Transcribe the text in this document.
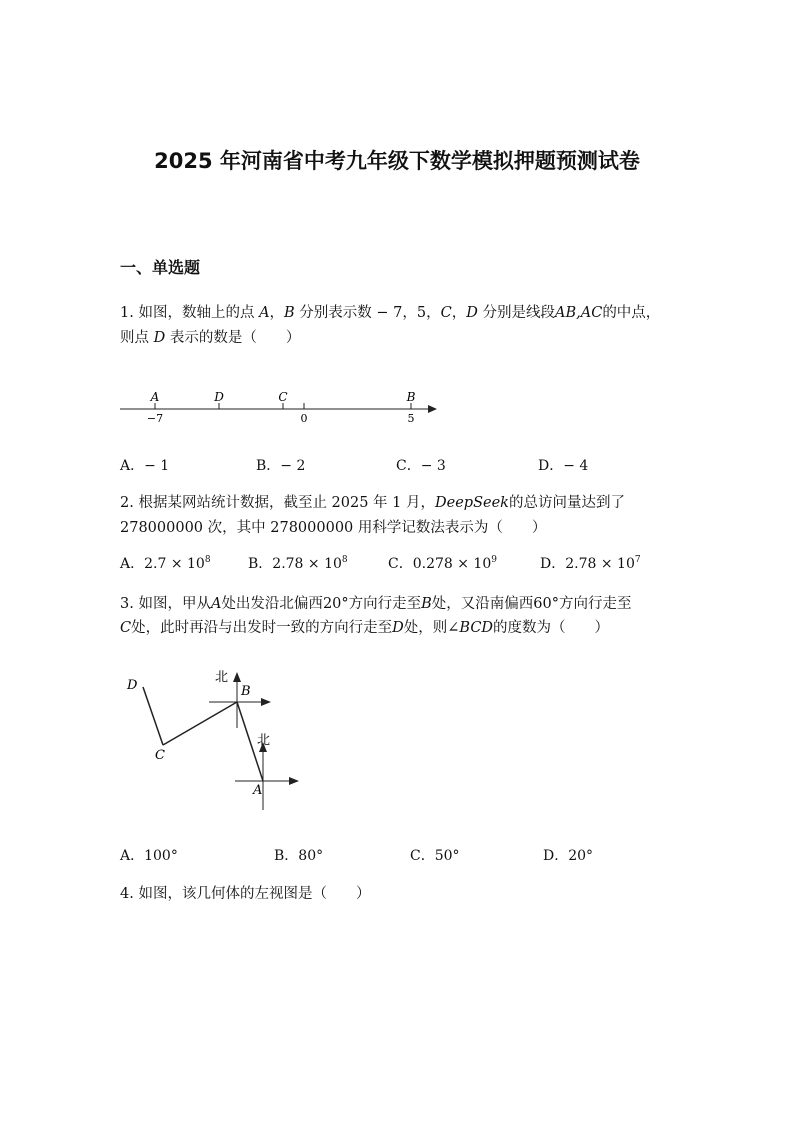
2025 年河南省中考九年级下数学模拟押题预测试卷
一、单选题
1. 如图，数轴上的点 A，B 分别表示数 − 7，5，C，D 分别是线段AB,AC的中点，
则点 D 表示的数是（　　）
A	D	C	B
−7	0	5
A．− 1	B．− 2	C．− 3	D．− 4
2. 根据某网站统计数据，截至止 2025 年 1 月，DeepSeek的总访问量达到了
278000000 次，其中 278000000 用科学记数法表示为（　　）
A．$2.7 \times 10^8$	B．$2.78 \times 10^8$	C．$0.278 \times 10^9$	D．$2.78 \times 10^7$
3. 如图，甲从A处出发沿北偏西20°方向行走至B处，又沿南偏西60°方向行走至
C处，此时再沿与出发时一致的方向行走至D处，则∠BCD的度数为（　　）
D	B
C
A
北
北
A．100°	B．80°	C．50°	D．20°
4. 如图，该几何体的左视图是（　　）
